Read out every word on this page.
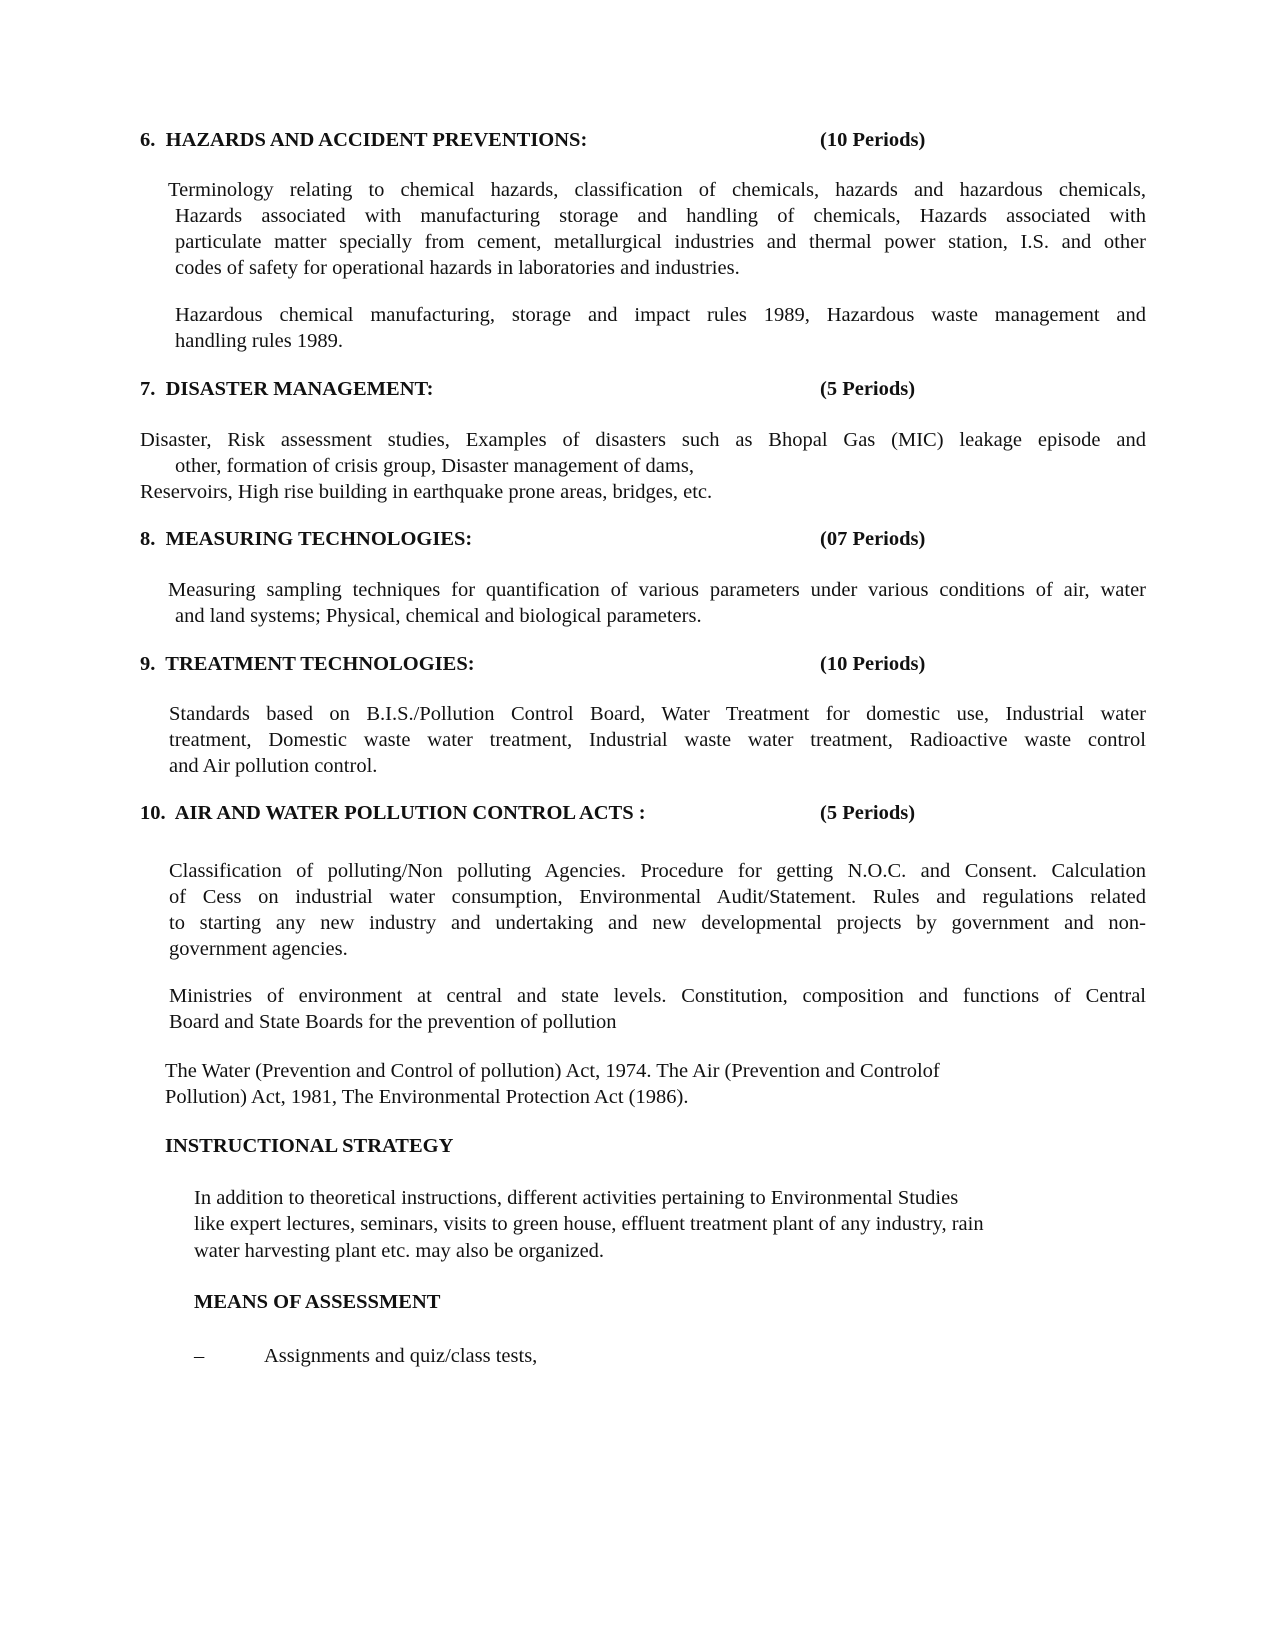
6. HAZARDS AND ACCIDENT PREVENTIONS:	(10 Periods)
Terminology relating to chemical hazards, classification of chemicals, hazards and hazardous chemicals,
Hazards associated with manufacturing storage and handling of chemicals, Hazards associated with
particulate matter specially from cement, metallurgical industries and thermal power station, I.S. and other
codes of safety for operational hazards in laboratories and industries.
Hazardous chemical manufacturing, storage and impact rules 1989, Hazardous waste management and
handling rules 1989.
7. DISASTER MANAGEMENT:	(5 Periods)
Disaster, Risk assessment studies, Examples of disasters such as Bhopal Gas (MIC) leakage episode and
other, formation of crisis group, Disaster management of dams,
Reservoirs, High rise building in earthquake prone areas, bridges, etc.
8. MEASURING TECHNOLOGIES:	(07 Periods)
Measuring sampling techniques for quantification of various parameters under various conditions of air, water
and land systems; Physical, chemical and biological parameters.
9. TREATMENT TECHNOLOGIES:	(10 Periods)
Standards based on B.I.S./Pollution Control Board, Water Treatment for domestic use, Industrial water
treatment, Domestic waste water treatment, Industrial waste water treatment, Radioactive waste control
and Air pollution control.
10. AIR AND WATER POLLUTION CONTROL ACTS :	(5 Periods)
Classification of polluting/Non polluting Agencies. Procedure for getting N.O.C. and Consent. Calculation
of Cess on industrial water consumption, Environmental Audit/Statement. Rules and regulations related
to starting any new industry and undertaking and new developmental projects by government and non-
government agencies.
Ministries of environment at central and state levels. Constitution, composition and functions of Central
Board and State Boards for the prevention of pollution
The Water (Prevention and Control of pollution) Act, 1974. The Air (Prevention and Controlof
Pollution) Act, 1981, The Environmental Protection Act (1986).
INSTRUCTIONAL STRATEGY
In addition to theoretical instructions, different activities pertaining to Environmental Studies
like expert lectures, seminars, visits to green house, effluent treatment plant of any industry, rain
water harvesting plant etc. may also be organized.
MEANS OF ASSESSMENT
–	Assignments and quiz/class tests,
